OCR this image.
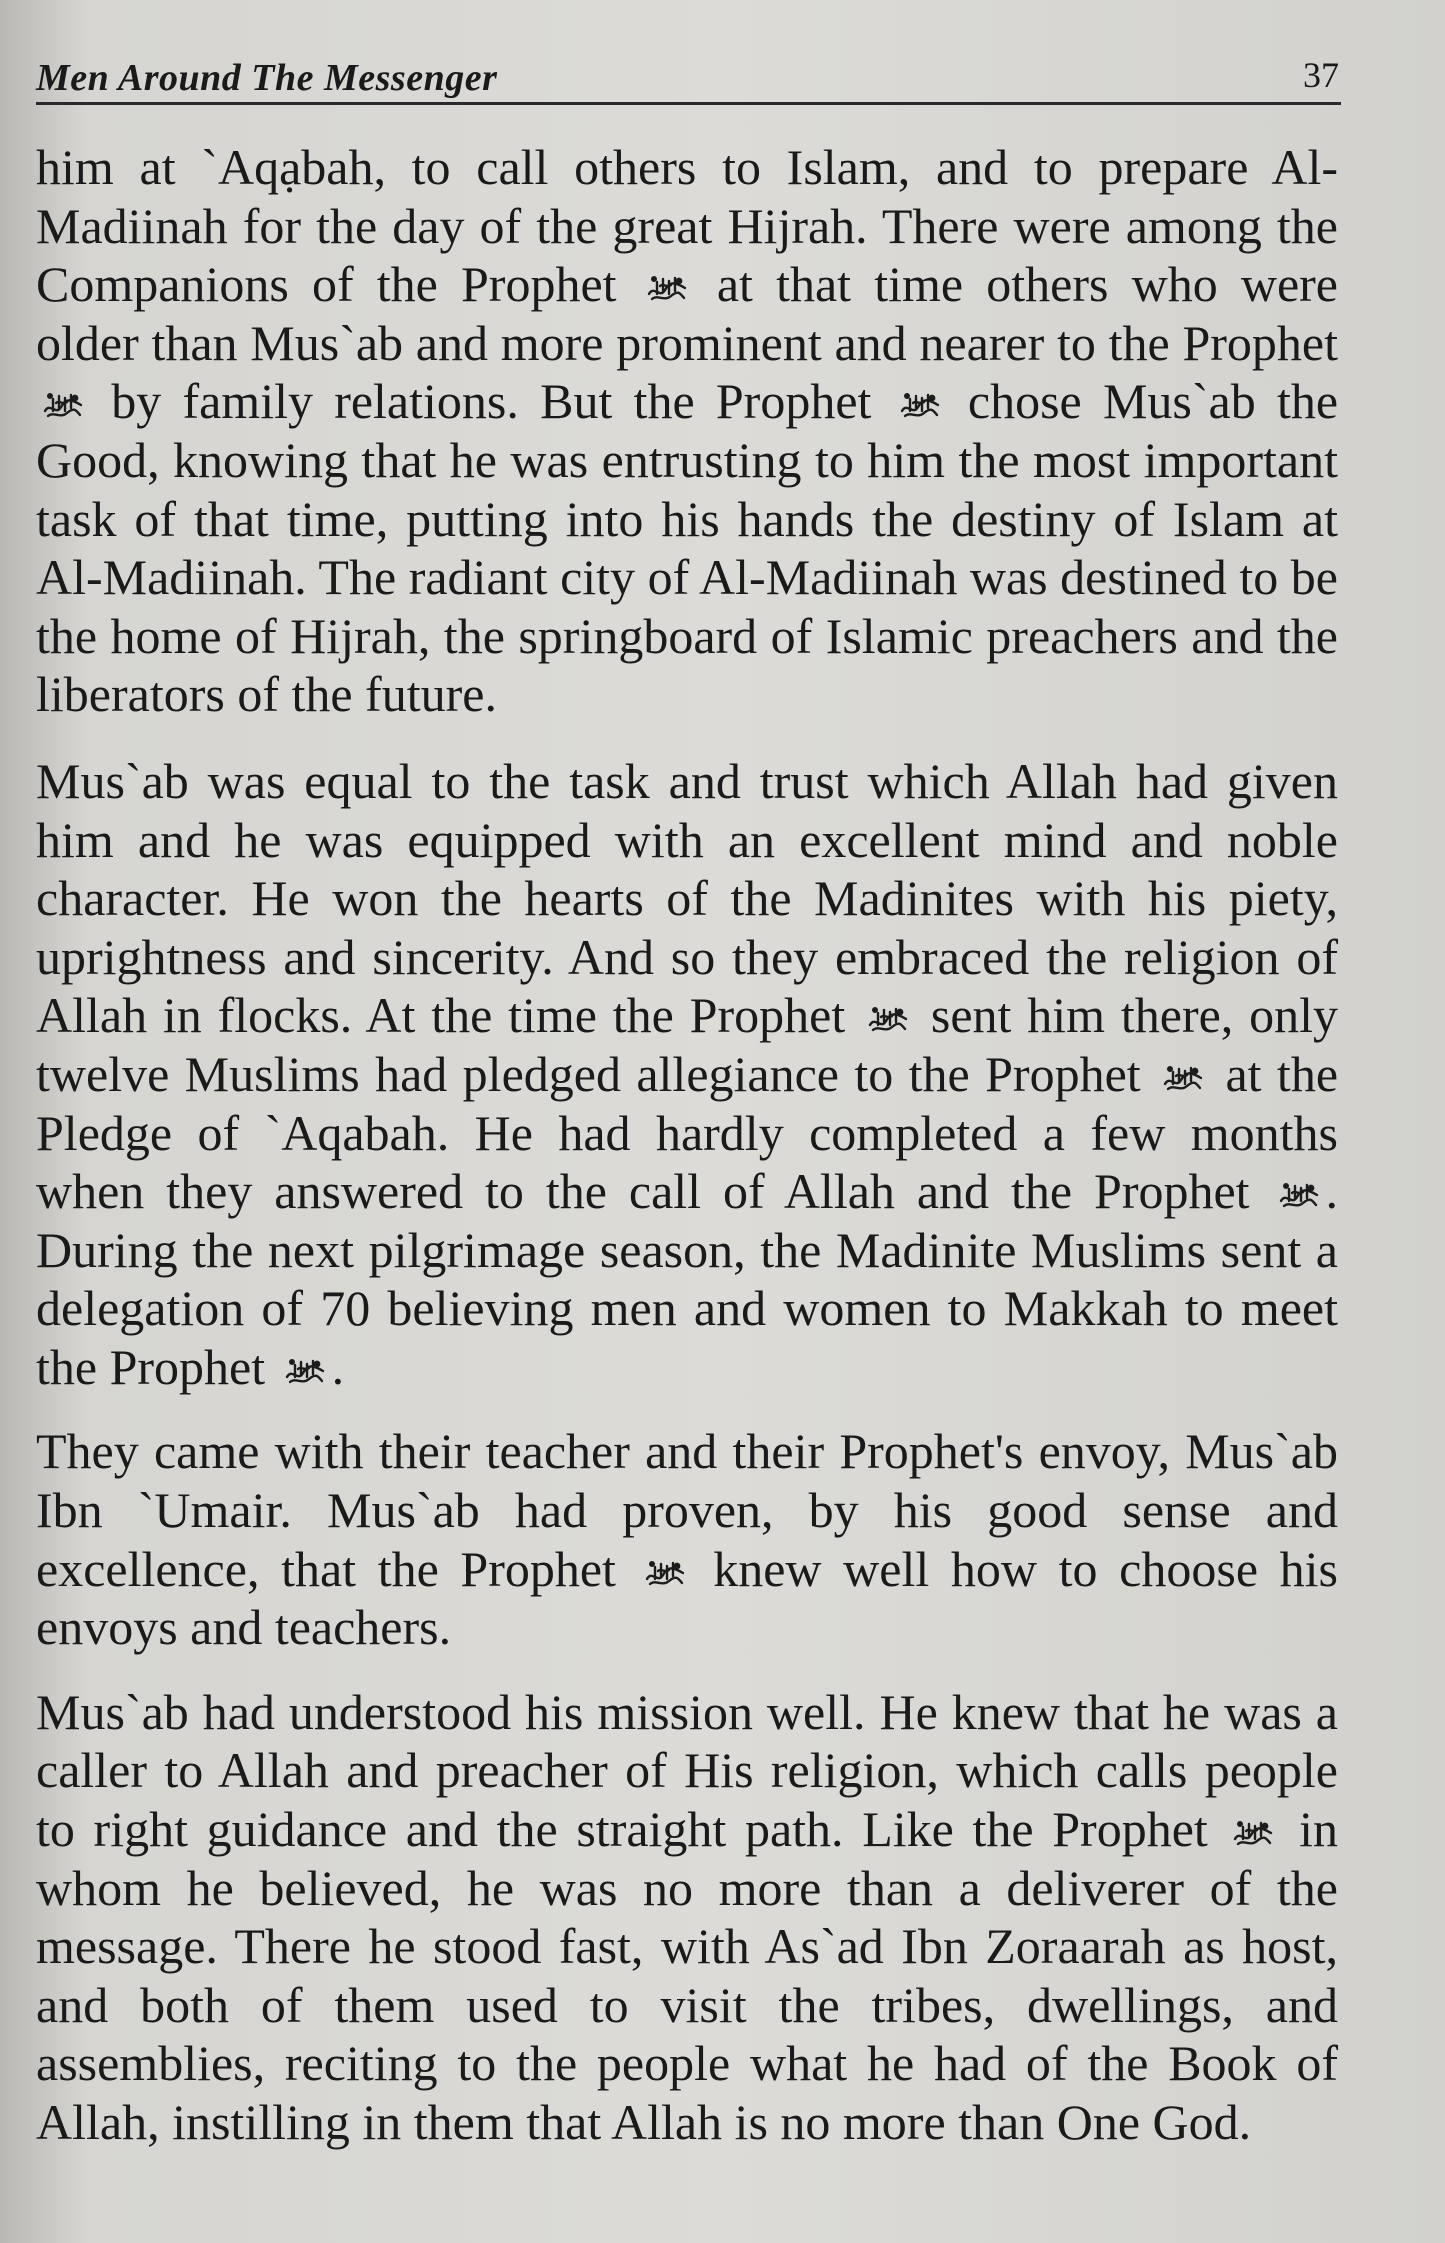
Men Around The Messenger	37

him at `Aqạbah, to call others to Islam, and to prepare Al-Madiinah for the day of the great Hijrah. There were among the Companions of the Prophet at that time others who were older than Mus`ab and more prominent and nearer to the Prophet
by family relations. But the Prophet chose Mus`ab the Good, knowing that he was entrusting to him the most important task of that time, putting into his hands the destiny of Islam at Al-Madiinah. The radiant city of Al-Madiinah was destined to be the home of Hijrah, the springboard of Islamic preachers and the liberators of the future.

Mus`ab was equal to the task and trust which Allah had given him and he was equipped with an excellent mind and noble character. He won the hearts of the Madinites with his piety, uprightness and sincerity. And so they embraced the religion of Allah in flocks. At the time the Prophet sent him there, only twelve Muslims had pledged allegiance to the Prophet at the Pledge of `Aqabah. He had hardly completed a few months when they answered to the call of Allah and the Prophet . During the next pilgrimage season, the Madinite Muslims sent a delegation of 70 believing men and women to Makkah to meet the Prophet .

They came with their teacher and their Prophet's envoy, Mus`ab Ibn `Umair. Mus`ab had proven, by his good sense and excellence, that the Prophet knew well how to choose his envoys and teachers.

Mus`ab had understood his mission well. He knew that he was a caller to Allah and preacher of His religion, which calls people to right guidance and the straight path. Like the Prophet in whom he believed, he was no more than a deliverer of the message. There he stood fast, with As`ad Ibn Zoraarah as host, and both of them used to visit the tribes, dwellings, and assemblies, reciting to the people what he had of the Book of Allah, instilling in them that Allah is no more than One God.
